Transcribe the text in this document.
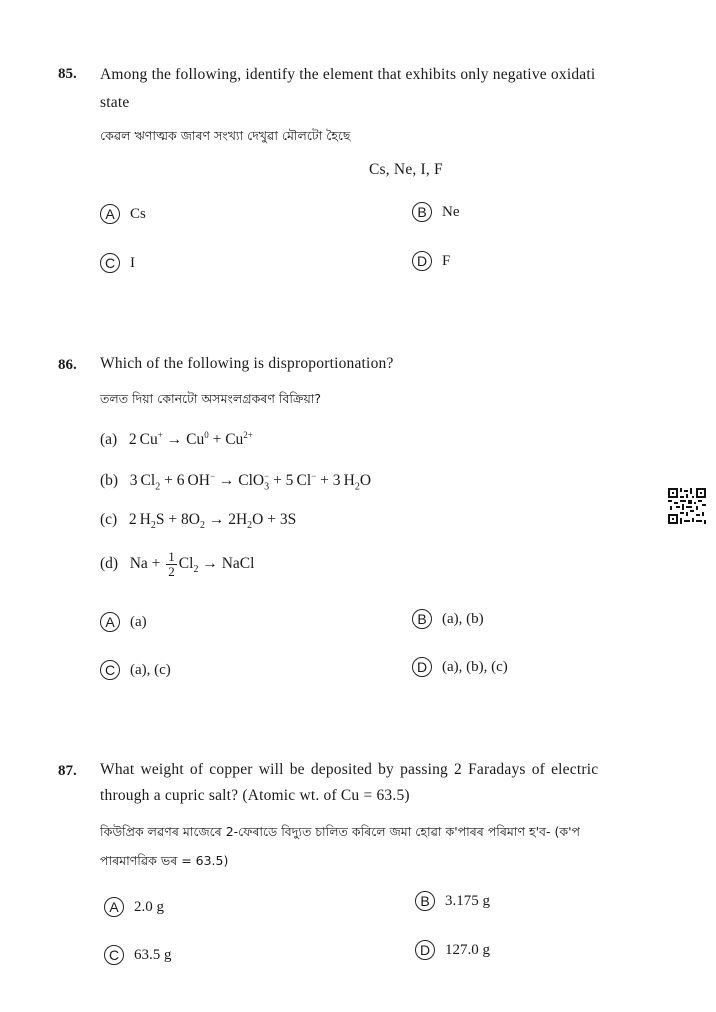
85. Among the following, identify the element that exhibits only negative oxidati
state
কেৱল ঋণাত্মক জাৰণ সংখ্যা দেখুৱা মৌলটো হৈছে
Cs, Ne, I, F
A	Cs	B	Ne
C I	D F
86. Which of the following is disproportionation?
তলত দিয়া কোনটো অসমংলগ্ৰকৰণ বিক্ৰিয়া?
(a)   2 $Cu^+ \to Cu^0 + Cu^{2+}$
(b)   3 $Cl_2 + 6$ OH− → ClO$_3$− + 5 Cl− + 3 $H_2O$
(c)   2 $H_2S + 8O_2 \to 2H_2O + 3S$
(d)   $Na + \frac{1}{2} Cl_2$ → NaCl
A	(a)	B	(a), (b)
C (a), (c)	D (a), (b), (c)
87. What weight of copper will be deposited by passing 2 Faradays of electric
through a cupric salt? (Atomic wt. of Cu = 63.5)
কিউপ্ৰিক লৱণৰ মাজেৰে 2-ফেৰাডে বিদ্যুত চালিত কৰিলে জমা হোৱা ক'পাৰৰ পৰিমাণ হ'ব- (ক'প
পাৰমাণৱিক ভৰ = 63.5)
A	2.0 g	B	3.175 g
C 63.5 g	D 127.0 g
